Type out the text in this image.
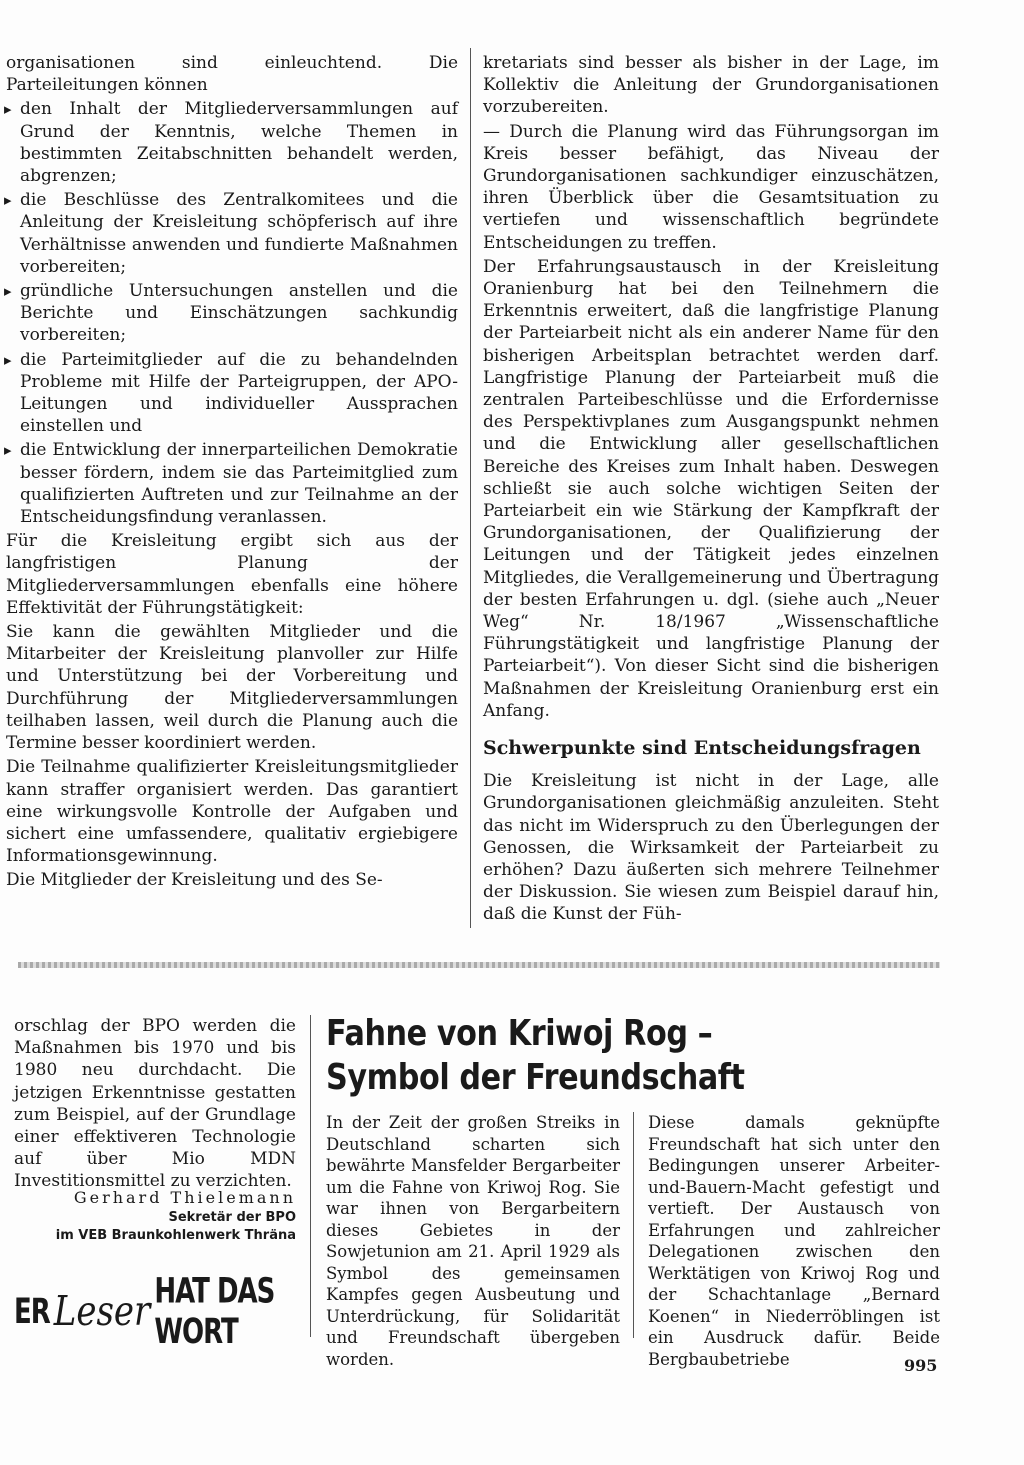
organisationen sind einleuchtend. Die Parteileitungen können

▸ den Inhalt der Mitgliederversammlungen auf Grund der Kenntnis, welche Themen in bestimmten Zeitabschnitten behandelt werden, abgrenzen;

▸ die Beschlüsse des Zentralkomitees und die Anleitung der Kreisleitung schöpferisch auf ihre Verhältnisse anwenden und fundierte Maßnahmen vorbereiten;

▸ gründliche Untersuchungen anstellen und die Berichte und Einschätzungen sachkundig vorbereiten;

▸ die Parteimitglieder auf die zu behandelnden Probleme mit Hilfe der Parteigruppen, der APO-Leitungen und individueller Aussprachen einstellen und

▸ die Entwicklung der innerparteilichen Demokratie besser fördern, indem sie das Parteimitglied zum qualifizierten Auftreten und zur Teilnahme an der Entscheidungsfindung veranlassen.

Für die Kreisleitung ergibt sich aus der langfristigen Planung der Mitgliederversammlungen ebenfalls eine höhere Effektivität der Führungstätigkeit:

Sie kann die gewählten Mitglieder und die Mitarbeiter der Kreisleitung planvoller zur Hilfe und Unterstützung bei der Vorbereitung und Durchführung der Mitgliederversammlungen teilhaben lassen, weil durch die Planung auch die Termine besser koordiniert werden.

Die Teilnahme qualifizierter Kreisleitungsmitglieder kann straffer organisiert werden. Das garantiert eine wirkungsvolle Kontrolle der Aufgaben und sichert eine umfassendere, qualitativ ergiebigere Informationsgewinnung.

Die Mitglieder der Kreisleitung und des Se-

kretariats sind besser als bisher in der Lage, im Kollektiv die Anleitung der Grundorganisationen vorzubereiten.

— Durch die Planung wird das Führungsorgan im Kreis besser befähigt, das Niveau der Grundorganisationen sachkundiger einzuschätzen, ihren Überblick über die Gesamtsituation zu vertiefen und wissenschaftlich begründete Entscheidungen zu treffen.

Der Erfahrungsaustausch in der Kreisleitung Oranienburg hat bei den Teilnehmern die Erkenntnis erweitert, daß die langfristige Planung der Parteiarbeit nicht als ein anderer Name für den bisherigen Arbeitsplan betrachtet werden darf. Langfristige Planung der Parteiarbeit muß die zentralen Parteibeschlüsse und die Erfordernisse des Perspektivplanes zum Ausgangspunkt nehmen und die Entwicklung aller gesellschaftlichen Bereiche des Kreises zum Inhalt haben. Deswegen schließt sie auch solche wichtigen Seiten der Parteiarbeit ein wie Stärkung der Kampfkraft der Grundorganisationen, der Qualifizierung der Leitungen und der Tätigkeit jedes einzelnen Mitgliedes, die Verallgemeinerung und Übertragung der besten Erfahrungen u. dgl. (siehe auch „Neuer Weg“ Nr. 18/1967 „Wissenschaftliche Führungstätigkeit und langfristige Planung der Parteiarbeit“). Von dieser Sicht sind die bisherigen Maßnahmen der Kreisleitung Oranienburg erst ein Anfang.

Schwerpunkte sind Entscheidungsfragen

Die Kreisleitung ist nicht in der Lage, alle Grundorganisationen gleichmäßig anzuleiten. Steht das nicht im Widerspruch zu den Überlegungen der Genossen, die Wirksamkeit der Parteiarbeit zu erhöhen? Dazu äußerten sich mehrere Teilnehmer der Diskussion. Sie wiesen zum Beispiel darauf hin, daß die Kunst der Füh-

orschlag der BPO werden die Maßnahmen bis 1970 und bis 1980 neu durchdacht. Die jetzigen Erkenntnisse gestatten zum Beispiel, auf der Grundlage einer effektiveren Technologie auf über Mio MDN Investitionsmittel zu verzichten.

Gerhard Thielemann
Sekretär der BPO
im VEB Braunkohlenwerk Thräna
ER Leser HAT DAS WORT
Fahne von Kriwoj Rog –
Symbol der Freundschaft

In der Zeit der großen Streiks in Deutschland scharten sich bewährte Mansfelder Bergarbeiter um die Fahne von Kriwoj Rog. Sie war ihnen von Bergarbeitern dieses Gebietes in der Sowjetunion am 21. April 1929 als Symbol des gemeinsamen Kampfes gegen Ausbeutung und Unterdrückung, für Solidarität und Freundschaft übergeben worden.

Diese damals geknüpfte Freundschaft hat sich unter den Bedingungen unserer Arbeiter-und-Bauern-Macht gefestigt und vertieft. Der Austausch von Erfahrungen und zahlreicher Delegationen zwischen den Werktätigen von Kriwoj Rog und der Schachtanlage „Bernard Koenen“ in Niederröblingen ist ein Ausdruck dafür. Beide Bergbaubetriebe	995
